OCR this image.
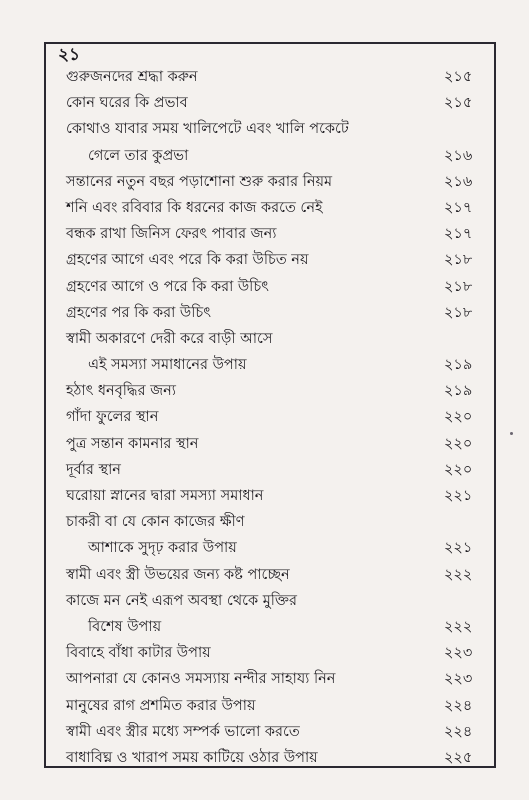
২১
গুরুজনদের শ্রদ্ধা করুন	২১৫
কোন ঘরের কি প্রভাব	২১৫
কোথাও যাবার সময় খালিপেটে এবং খালি পকেটে
গেলে তার কুপ্রভা	২১৬
সন্তানের নতুন বছর পড়াশোনা শুরু করার নিয়ম	২১৬
শনি এবং রবিবার কি ধরনের কাজ করতে নেই	২১৭
বন্ধক রাখা জিনিস ফেরৎ পাবার জন্য	২১৭
গ্রহণের আগে এবং পরে কি করা উচিত নয়	২১৮
গ্রহণের আগে ও পরে কি করা উচিৎ	২১৮
গ্রহণের পর কি করা উচিৎ	২১৮
স্বামী অকারণে দেরী করে বাড়ী আসে
এই সমস্যা সমাধানের উপায়	২১৯
হঠাৎ ধনবৃদ্ধির জন্য	২১৯
গাঁদা ফুলের স্থান	২২০
পুত্র সন্তান কামনার স্থান	২২০
দূর্বার স্থান	২২০
ঘরোয়া স্নানের দ্বারা সমস্যা সমাধান	২২১
চাকরী বা যে কোন কাজের ক্ষীণ
আশাকে সুদৃঢ় করার উপায়	২২১
স্বামী এবং স্ত্রী উভয়ের জন্য কষ্ট পাচ্ছেন	২২২
কাজে মন নেই এরূপ অবস্থা থেকে মুক্তির
বিশেষ উপায়	২২২
বিবাহে বাঁধা কাটার উপায়	২২৩
আপনারা যে কোনও সমস্যায় নন্দীর সাহায্য নিন	২২৩
মানুষের রাগ প্রশমিত করার উপায়	২২৪
স্বামী এবং স্ত্রীর মধ্যে সম্পর্ক ভালো করতে	২২৪
বাধাবিঘ্ন ও খারাপ সময় কাটিয়ে ওঠার উপায়	২২৫
